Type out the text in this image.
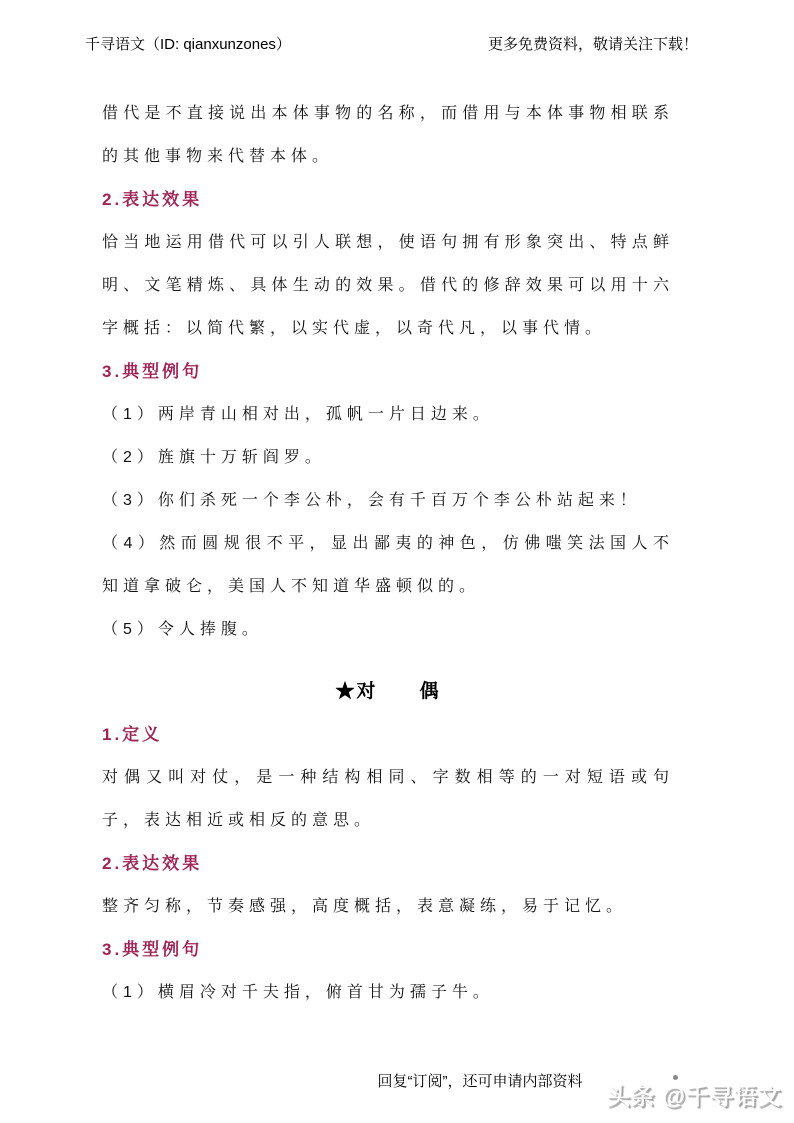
千寻语文（ID: qianxunzones）	更多免费资料，敬请关注下载！

借代是不直接说出本体事物的名称，而借用与本体事物相联系的其他事物来代替本体。

2.表达效果

恰当地运用借代可以引人联想，使语句拥有形象突出、特点鲜明、文笔精炼、具体生动的效果。借代的修辞效果可以用十六字概括：以简代繁，以实代虚，以奇代凡，以事代情。

3.典型例句
（1）两岸青山相对出，孤帆一片日边来。
（2）旌旗十万斩阎罗。
（3）你们杀死一个李公朴，会有千百万个李公朴站起来！

（4）然而圆规很不平，显出鄙夷的神色，仿佛嗤笑法国人不知道拿破仑，美国人不知道华盛顿似的。

（5）令人捧腹。
★对　　偶
1.定义

对偶又叫对仗，是一种结构相同、字数相等的一对短语或句子，表达相近或相反的意思。

2.表达效果

整齐匀称，节奏感强，高度概括，表意凝练，易于记忆。

3.典型例句
（1）横眉冷对千夫指，俯首甘为孺子牛。
回复“订阅”，还可申请内部资料
头条 @千寻语文
